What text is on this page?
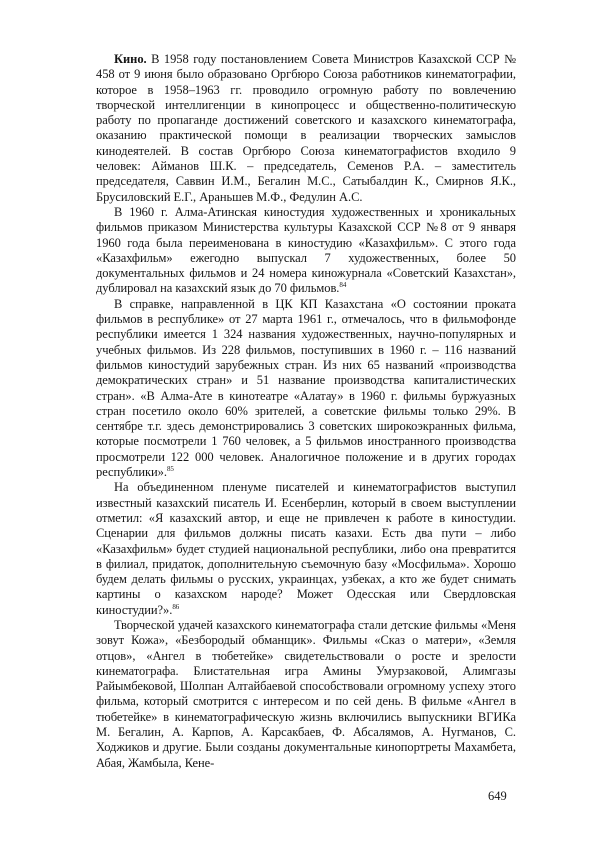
Кино. В 1958 году постановлением Совета Министров Казахской ССР № 458 от 9 июня было образовано Оргбюро Союза работников кинематографии, которое в 1958–1963 гг. проводило огромную работу по вовлечению творческой интеллигенции в кинопроцесс и общественно-политическую работу по пропаганде достижений советского и казахского кинематографа, оказанию практической помощи в реализации творческих замыслов кинодеятелей. В состав Оргбюро Союза кинематографистов входило 9 человек: Айманов Ш.К. – председатель, Семенов Р.А. – заместитель председателя, Саввин И.М., Бегалин М.С., Сатыбалдин К., Смирнов Я.К., Брусиловский Е.Г., Араньшев М.Ф., Федулин А.С.

В 1960 г. Алма-Атинская киностудия художественных и хроникальных фильмов приказом Министерства культуры Казахской ССР №8 от 9 января 1960 года была переименована в киностудию «Казахфильм». С этого года «Казахфильм» ежегодно выпускал 7 художественных, более 50 документальных фильмов и 24 номера киножурнала «Советский Казахстан», дублировал на казахский язык до 70 фильмов.$^{84}$

В справке, направленной в ЦК КП Казахстана «О состоянии проката фильмов в республике» от 27 марта 1961 г., отмечалось, что в фильмофонде республики имеется 1 324 названия художественных, научно-популярных и учебных фильмов. Из 228 фильмов, поступивших в 1960 г. – 116 названий фильмов киностудий зарубежных стран. Из них 65 названий «производства демократических стран» и 51 название производства капиталистических стран». «В Алма-Ате в кинотеатре «Алатау» в 1960 г. фильмы буржуазных стран посетило около 60% зрителей, а советские фильмы только 29%. В сентябре т.г. здесь демонстрировались 3 советских широкоэкранных фильма, которые посмотрели 1 760 человек, а 5 фильмов иностранного производства просмотрели 122 000 человек. Аналогичное положение и в других городах республики».$^{85}$

На объединенном пленуме писателей и кинематографистов выступил известный казахский писатель И. Есенберлин, который в своем выступлении отметил: «Я казахский автор, и еще не привлечен к работе в киностудии. Сценарии для фильмов должны писать казахи. Есть два пути – либо «Казахфильм» будет студией национальной республики, либо она превратится в филиал, придаток, дополнительную съемочную базу «Мосфильма». Хорошо будем делать фильмы о русских, украинцах, узбеках, а кто же будет снимать картины о казахском народе? Может Одесская или Свердловская киностудии?».$^{86}$

Творческой удачей казахского кинематографа стали детские фильмы «Меня зовут Кожа», «Безбородый обманщик». Фильмы «Сказ о матери», «Земля отцов», «Ангел в тюбетейке» свидетельствовали о росте и зрелости кинематографа. Блистательная игра Амины Умурзаковой, Алимгазы Райымбековой, Шолпан Алтайбаевой способствовали огромному успеху этого фильма, который смотрится с интересом и по сей день. В фильме «Ангел в тюбетейке» в кинематографическую жизнь включились выпускники ВГИКа М. Бегалин, А. Карпов, А. Карсакбаев, Ф. Абсалямов, А. Нугманов, С. Ходжиков и другие. Были созданы документальные кинопортреты Махамбета, Абая, Жамбыла, Кене-

649
